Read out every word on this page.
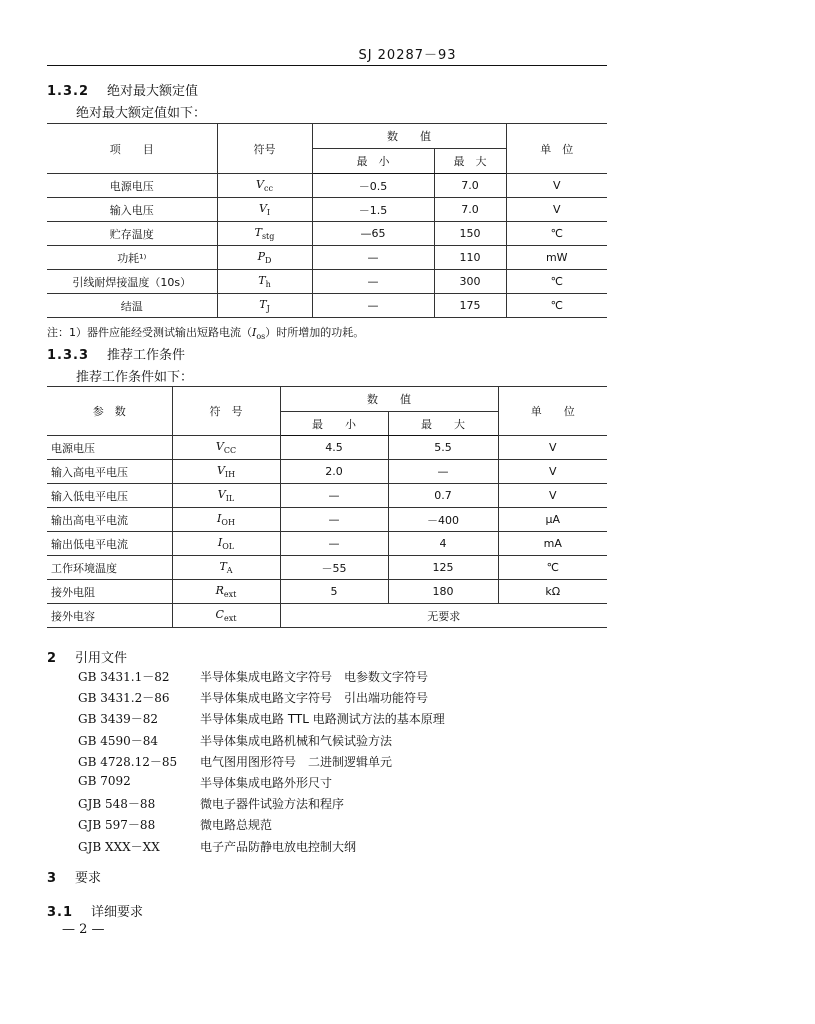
SJ 20287－93
1.3.2 绝对最大额定值
绝对最大额定值如下：
项　　目	符号	数　　值		单　位
		最　小	最　大	
电源电压	$V_{cc}$	－0.5	7.0	V
输入电压	$V_I$	－1.5	7.0	V
贮存温度	$T_{stg}$	—65	150	℃
功耗¹⁾	$P_D$	—	110	mW
引线耐焊接温度（10s）	$T_h$	—	300	℃
结温	$T_J$	—	175	℃
注：1）器件应能经受测试输出短路电流$(I_{os})$时所增加的功耗。
1.3.3 推荐工作条件
推荐工作条件如下：
参　数	符　号	数　　值		单　　位
		最　　小	最　　大	
电源电压	$V_{CC}$	4.5	5.5	V
输入高电平电压	$V_{IH}$	2.0	—	V
输入低电平电压	$V_{IL}$	—	0.7	V
输出高电平电流	$I_{OH}$	—	－400	μA
输出低电平电流	$I_{OL}$	—	4	mA
工作环境温度	$T_A$	－55	125	℃
接外电阻	$R_{ext}$	5	180	kΩ
接外电容	$C_{ext}$	无要求		
2 引用文件
GB 3431.1－82	半导体集成电路文字符号　电参数文字符号
GB 3431.2－86	半导体集成电路文字符号　引出端功能符号
GB 3439－82	半导体集成电路 TTL 电路测试方法的基本原理
GB 4590－84	半导体集成电路机械和气候试验方法
GB 4728.12－85 电气图用图形符号　二进制逻辑单元
GB 7092	半导体集成电路外形尺寸
GJB 548－88	微电子器件试验方法和程序
GJB 597－88	微电路总规范
GJB XXX－XX	电子产品防静电放电控制大纲
3 要求
3.1 详细要求
— 2 —
